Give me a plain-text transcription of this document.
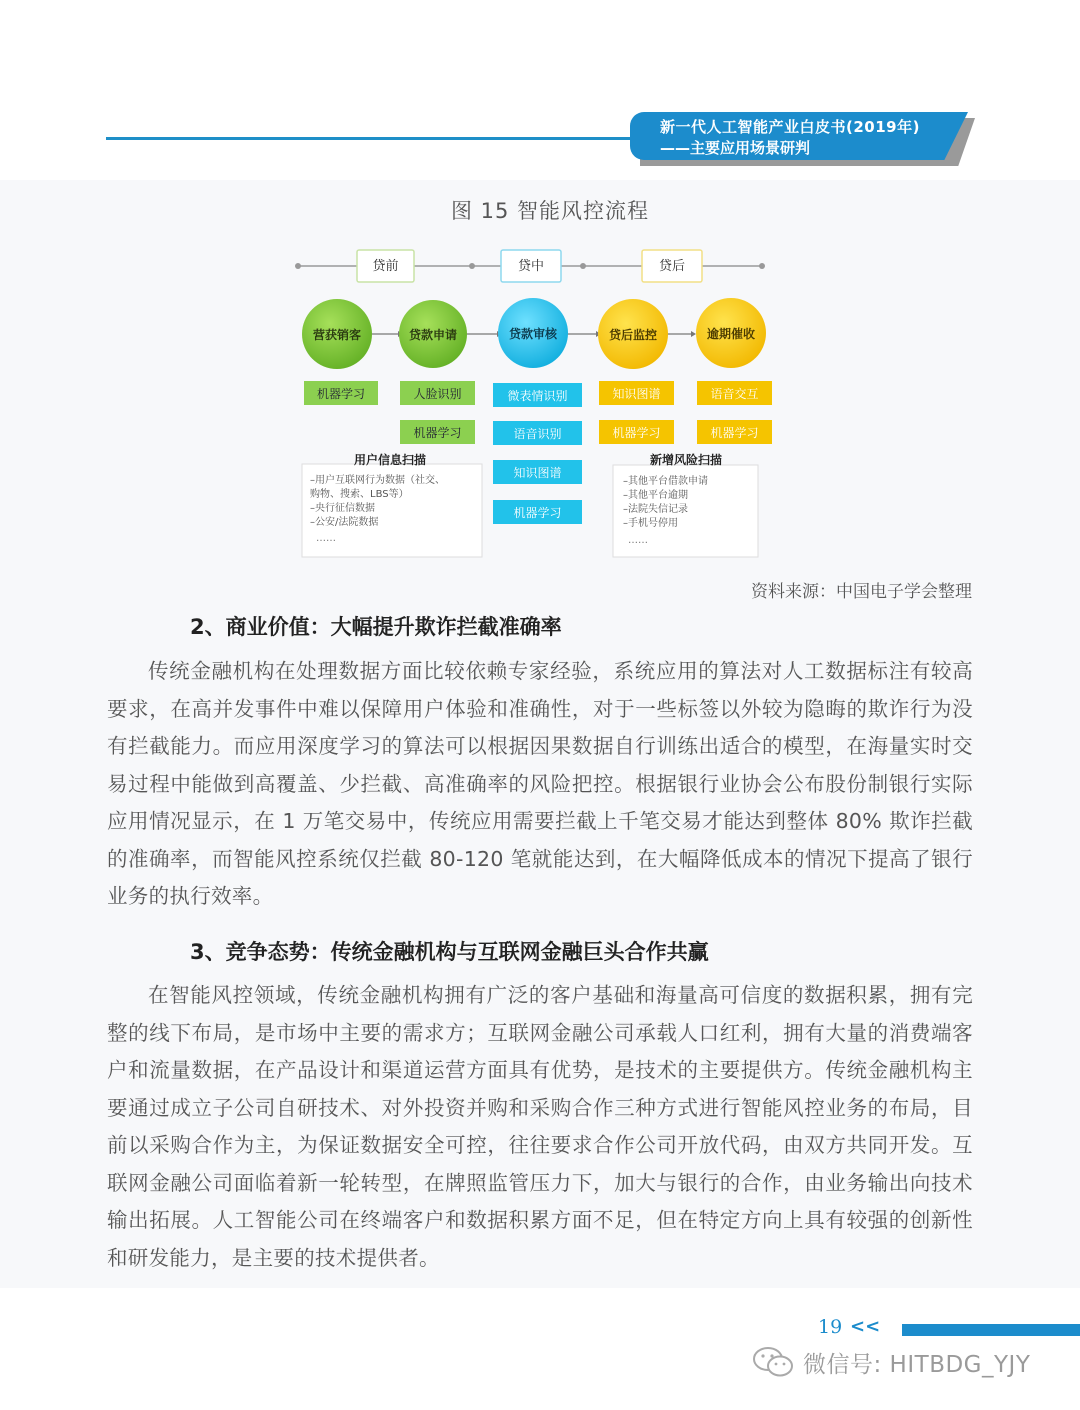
新一代人工智能产业白皮书(2019年)
——主要应用场景研判
图 15 智能风控流程
贷前	贷中	贷后
营获销客	贷款申请	贷款审核	贷后监控	逾期催收
机器学习	人脸识别
机器学习
微表情识别
语音识别
知识图谱
机器学习
知识图谱
机器学习
语音交互
机器学习
用户信息扫描
–用户互联网行为数据（社交、
购物、搜索、LBS等）
–央行征信数据
–公安/法院数据
……
新增风险扫描
–其他平台借款申请
–其他平台逾期
–法院失信记录
–手机号停用
……
资料来源：中国电子学会整理
2、商业价值：大幅提升欺诈拦截准确率

传统金融机构在处理数据方面比较依赖专家经验，系统应用的算法对人工数据标注有较高要求，在高并发事件中难以保障用户体验和准确性，对于一些标签以外较为隐晦的欺诈行为没有拦截能力。而应用深度学习的算法可以根据因果数据自行训练出适合的模型，在海量实时交易过程中能做到高覆盖、少拦截、高准确率的风险把控。根据银行业协会公布股份制银行实际应用情况显示，在 1 万笔交易中，传统应用需要拦截上千笔交易才能达到整体 80% 欺诈拦截的准确率，而智能风控系统仅拦截 80-120 笔就能达到，在大幅降低成本的情况下提高了银行业务的执行效率。

3、竞争态势：传统金融机构与互联网金融巨头合作共赢

在智能风控领域，传统金融机构拥有广泛的客户基础和海量高可信度的数据积累，拥有完整的线下布局，是市场中主要的需求方；互联网金融公司承载人口红利，拥有大量的消费端客户和流量数据，在产品设计和渠道运营方面具有优势，是技术的主要提供方。传统金融机构主要通过成立子公司自研技术、对外投资并购和采购合作三种方式进行智能风控业务的布局，目前以采购合作为主，为保证数据安全可控，往往要求合作公司开放代码，由双方共同开发。互联网金融公司面临着新一轮转型，在牌照监管压力下，加大与银行的合作，由业务输出向技术输出拓展。人工智能公司在终端客户和数据积累方面不足，但在特定方向上具有较强的创新性和研发能力，是主要的技术提供者。

19 <<
微信号: HITBDG_YJY
